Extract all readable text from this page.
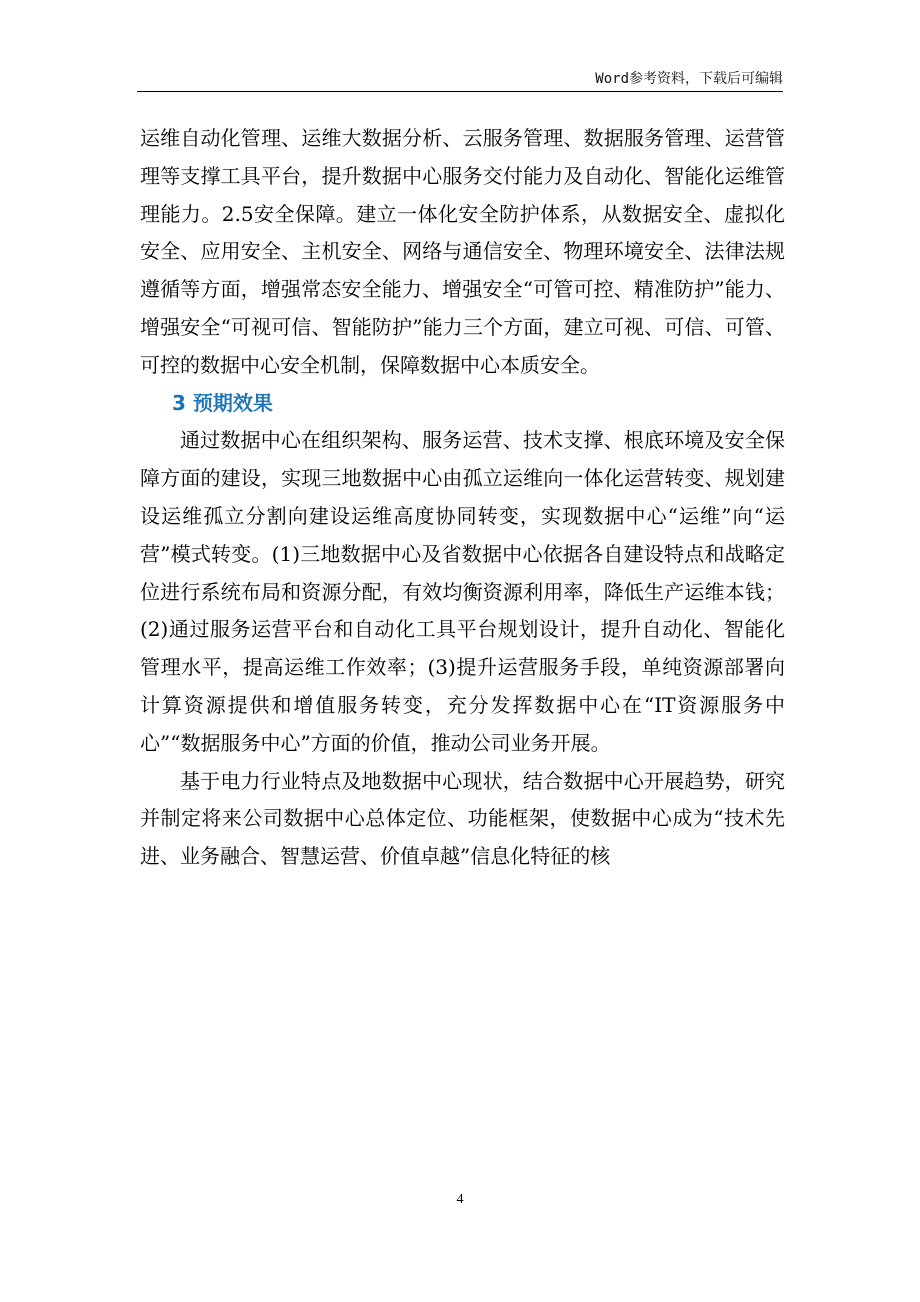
Word参考资料，下载后可编辑

运维自动化管理、运维大数据分析、云服务管理、数据服务管理、运营管理等支撑工具平台，提升数据中心服务交付能力及自动化、智能化运维管理能力。2.5安全保障。建立一体化安全防护体系，从数据安全、虚拟化安全、应用安全、主机安全、网络与通信安全、物理环境安全、法律法规遵循等方面，增强常态安全能力、增强安全“可管可控、精准防护”能力、增强安全“可视可信、智能防护”能力三个方面，建立可视、可信、可管、可控的数据中心安全机制，保障数据中心本质安全。

3 预期效果

通过数据中心在组织架构、服务运营、技术支撑、根底环境及安全保障方面的建设，实现三地数据中心由孤立运维向一体化运营转变、规划建设运维孤立分割向建设运维高度协同转变，实现数据中心“运维”向“运营”模式转变。(1)三地数据中心及省数据中心依据各自建设特点和战略定位进行系统布局和资源分配，有效均衡资源利用率，降低生产运维本钱；(2)通过服务运营平台和自动化工具平台规划设计，提升自动化、智能化管理水平，提高运维工作效率；(3)提升运营服务手段，单纯资源部署向计算资源提供和增值服务转变，充分发挥数据中心在“IT资源服务中心”“数据服务中心”方面的价值，推动公司业务开展。

基于电力行业特点及地数据中心现状，结合数据中心开展趋势，研究并制定将来公司数据中心总体定位、功能框架，使数据中心成为“技术先进、业务融合、智慧运营、价值卓越”信息化特征的核

4
